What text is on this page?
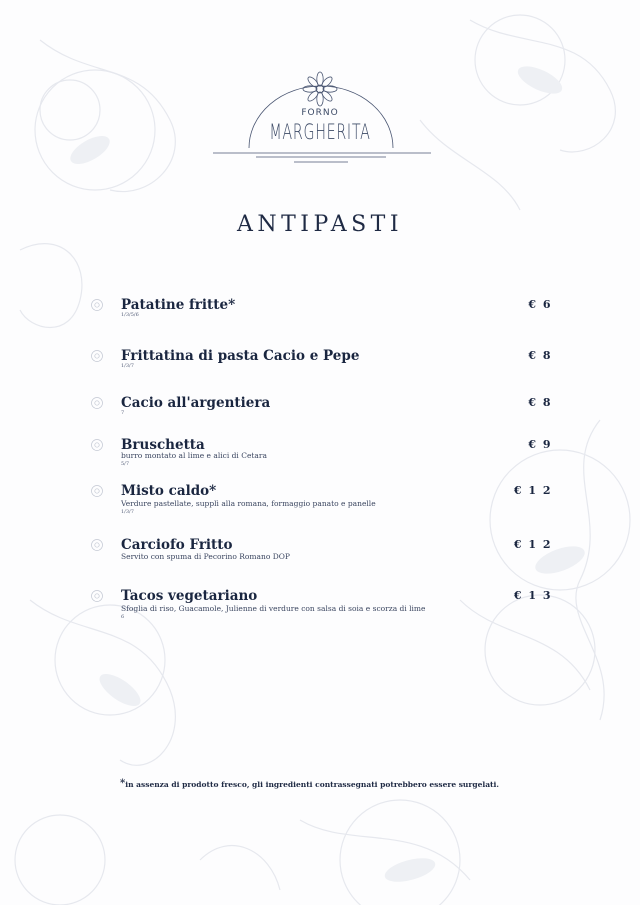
FORNO
MARGHERITA
ANTIPASTI
Patatine fritte*	€ 6
1/3/5/6
Frittatina di pasta Cacio e Pepe	€ 8
1/3/7
Cacio all'argentiera	€ 8
7
Bruschetta	€ 9
burro montato al lime e alici di Cetara
5/7
Misto caldo*	€ 1 2
Verdure pastellate, supplì alla romana, formaggio panato e panelle
1/3/7
Carciofo Fritto	€ 1 2
Servito con spuma di Pecorino Romano DOP
Tacos vegetariano	€ 1 3
Sfoglia di riso, Guacamole, Julienne di verdure con salsa di soia e scorza di lime
6
*in assenza di prodotto fresco, gli ingredienti contrassegnati potrebbero essere surgelati.
